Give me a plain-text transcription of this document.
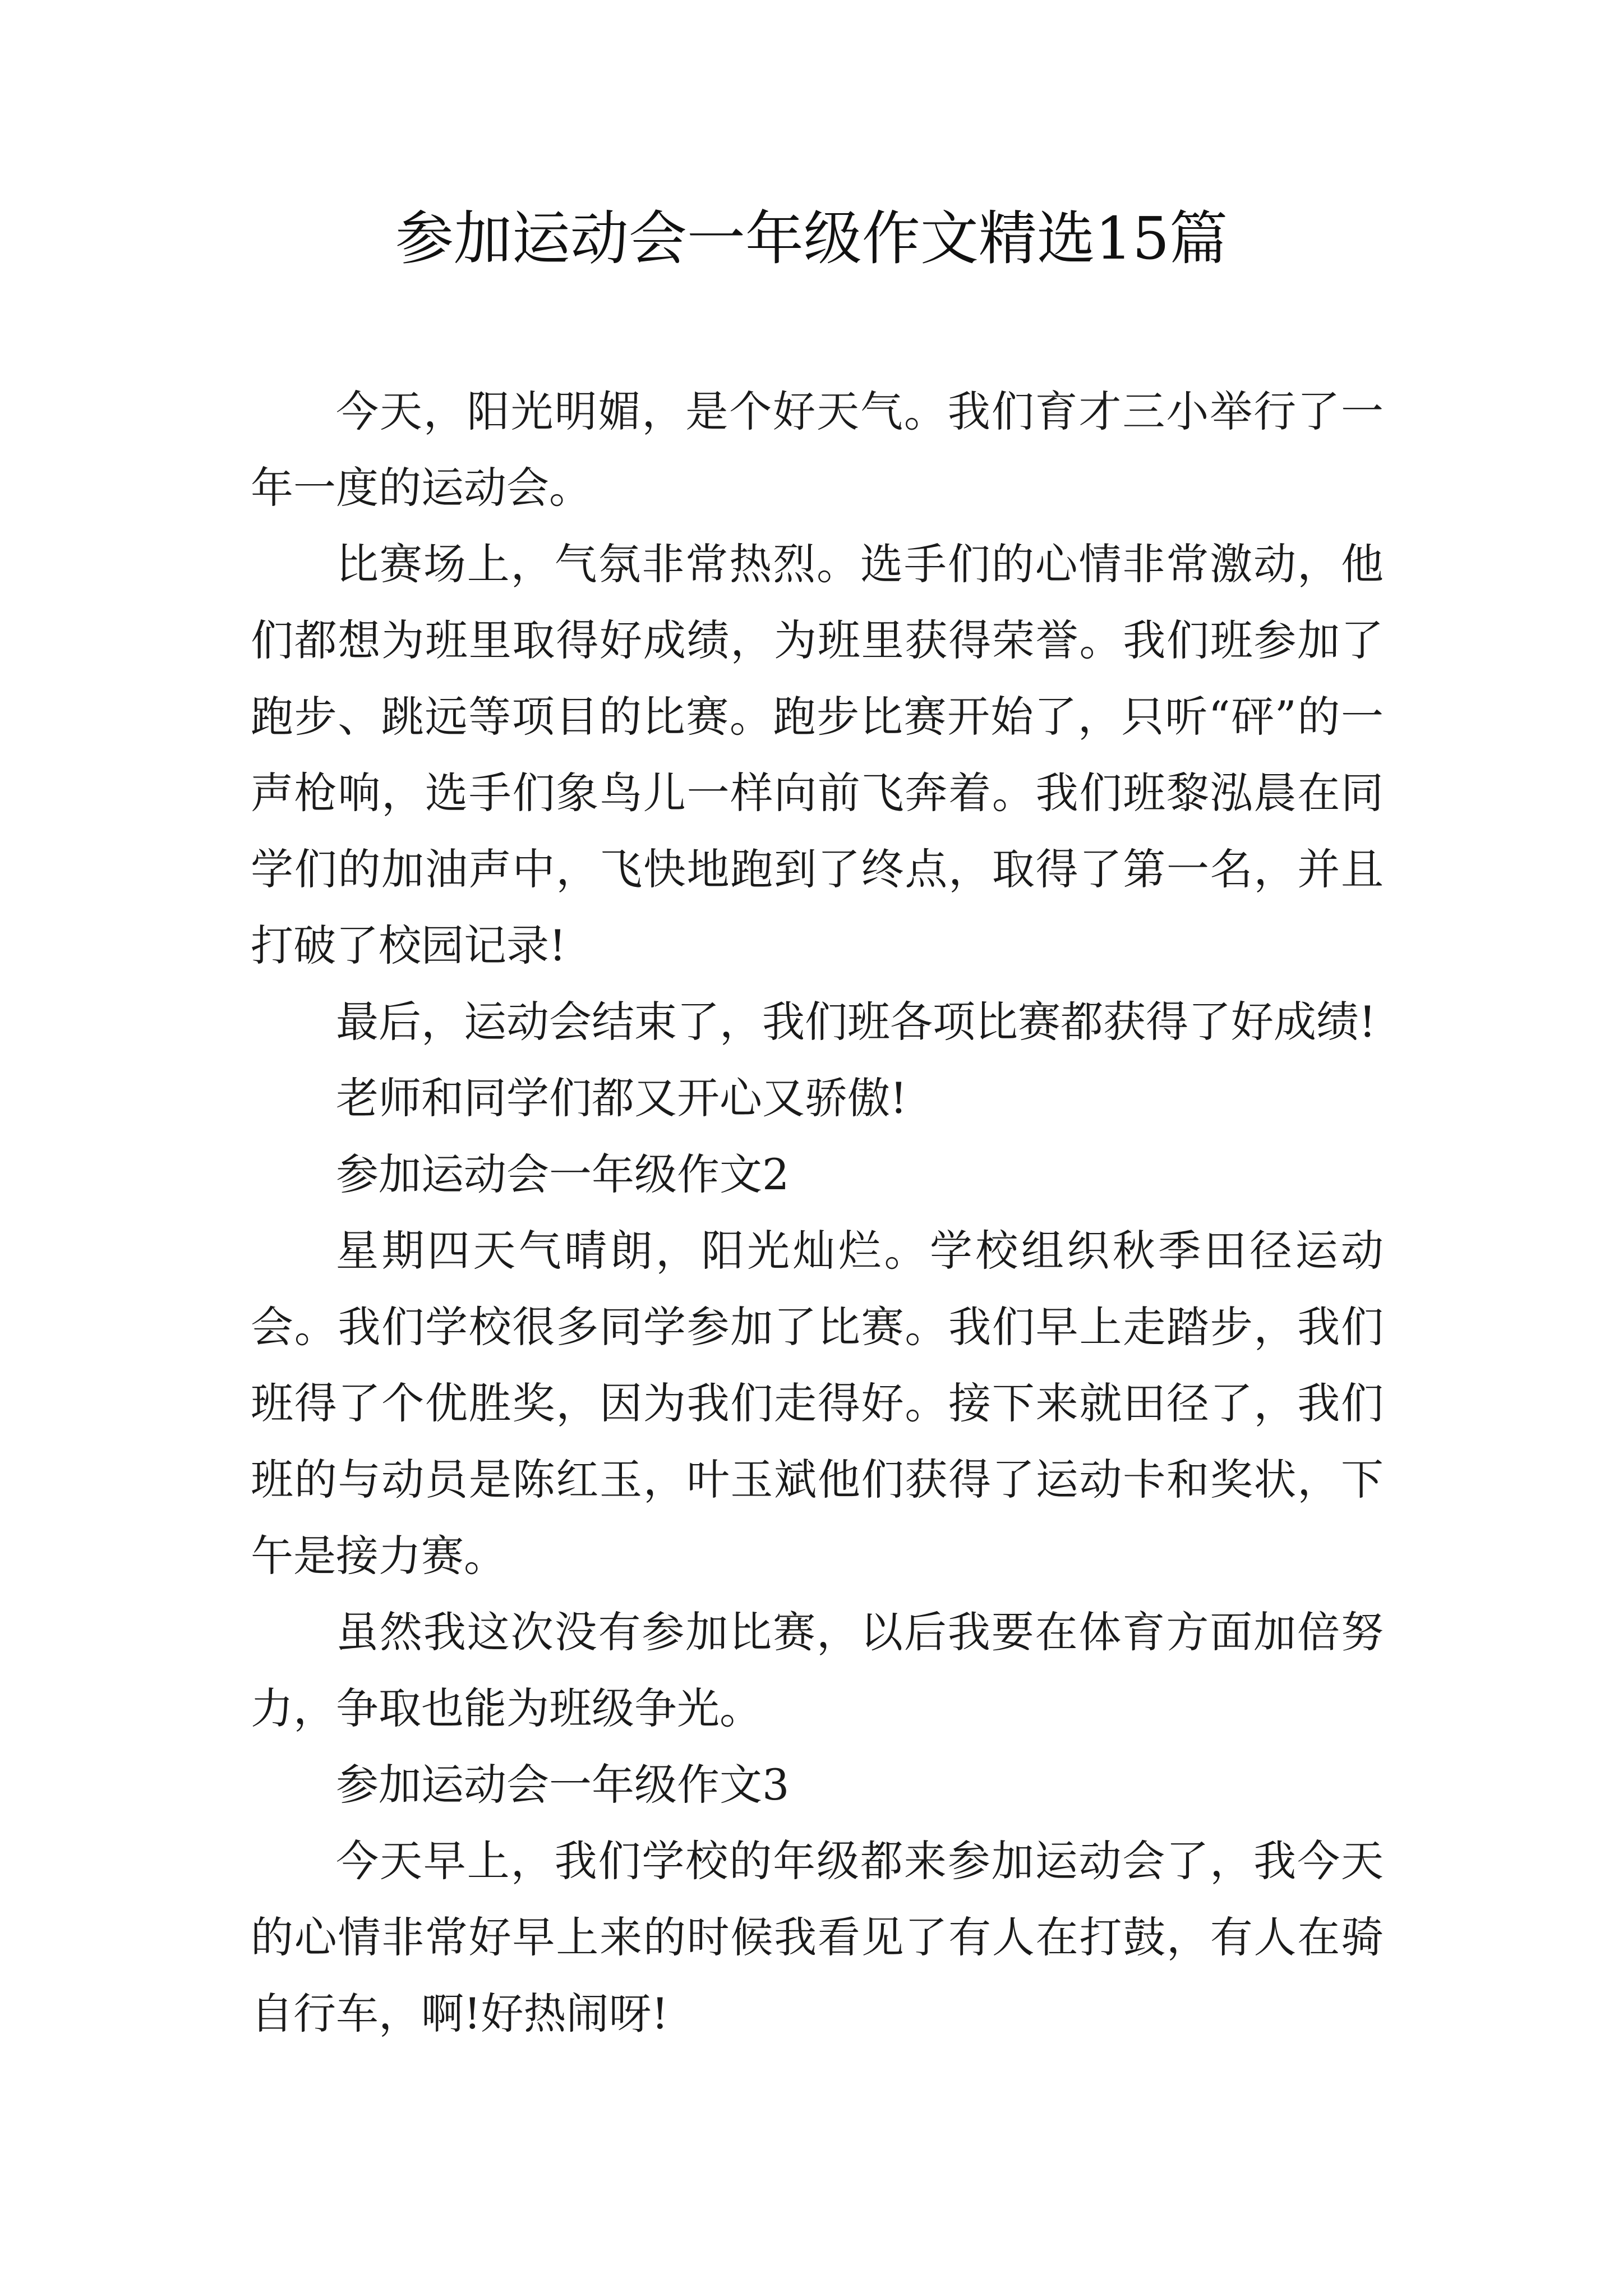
参加运动会一年级作文精选15篇

今天，阳光明媚，是个好天气。我们育才三小举行了一年一度的运动会。

比赛场上，气氛非常热烈。选手们的心情非常激动，他们都想为班里取得好成绩，为班里获得荣誉。我们班参加了跑步、跳远等项目的比赛。跑步比赛开始了，只听“砰”的一声枪响，选手们象鸟儿一样向前飞奔着。我们班黎泓晨在同学们的加油声中，飞快地跑到了终点，取得了第一名，并且打破了校园记录!

最后，运动会结束了，我们班各项比赛都获得了好成绩!

老师和同学们都又开心又骄傲!

参加运动会一年级作文2

星期四天气晴朗，阳光灿烂。学校组织秋季田径运动会。我们学校很多同学参加了比赛。我们早上走踏步，我们班得了个优胜奖，因为我们走得好。接下来就田径了，我们班的与动员是陈红玉，叶玉斌他们获得了运动卡和奖状，下午是接力赛。

虽然我这次没有参加比赛，以后我要在体育方面加倍努力，争取也能为班级争光。

参加运动会一年级作文3

今天早上，我们学校的年级都来参加运动会了，我今天的心情非常好早上来的时候我看见了有人在打鼓，有人在骑自行车，啊!好热闹呀!
